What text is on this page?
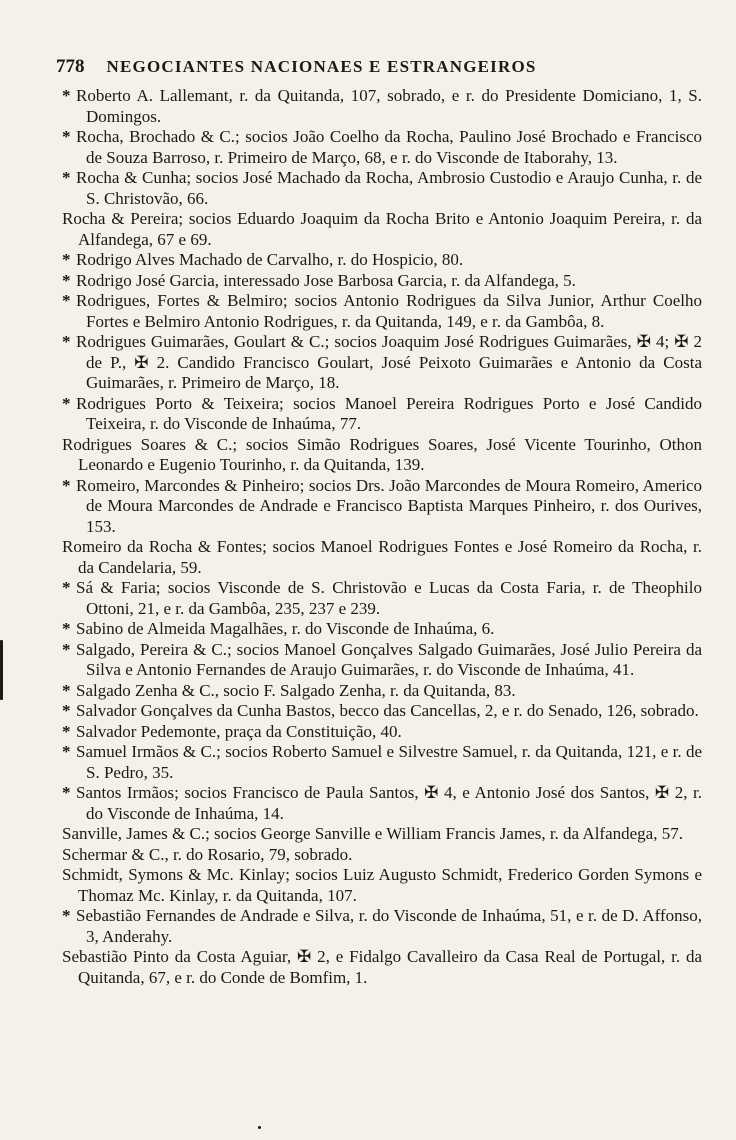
778 NEGOCIANTES NACIONAES E ESTRANGEIROS
* Roberto A. Lallemant, r. da Quitanda, 107, sobrado, e r. do Presidente Domiciano, 1, S. Domingos.
* Rocha, Brochado & C.; socios João Coelho da Rocha, Paulino José Brochado e Francisco de Souza Barroso, r. Primeiro de Março, 68, e r. do Visconde de Itaborahy, 13.
* Rocha & Cunha; socios José Machado da Rocha, Ambrosio Custodio e Araujo Cunha, r. de S. Christovão, 66.
Rocha & Pereira; socios Eduardo Joaquim da Rocha Brito e Antonio Joaquim Pereira, r. da Alfandega, 67 e 69.
* Rodrigo Alves Machado de Carvalho, r. do Hospicio, 80.
* Rodrigo José Garcia, interessado Jose Barbosa Garcia, r. da Alfandega, 5.
* Rodrigues, Fortes & Belmiro; socios Antonio Rodrigues da Silva Junior, Arthur Coelho Fortes e Belmiro Antonio Rodrigues, r. da Quitanda, 149, e r. da Gambôa, 8.
* Rodrigues Guimarães, Goulart & C.; socios Joaquim José Rodrigues Guimarães, ✠ 4; ✠ 2 de P., ✠ 2. Candido Francisco Goulart, José Peixoto Guimarães e Antonio da Costa Guimarães, r. Primeiro de Março, 18.
* Rodrigues Porto & Teixeira; socios Manoel Pereira Rodrigues Porto e José Candido Teixeira, r. do Visconde de Inhaúma, 77.
Rodrigues Soares & C.; socios Simão Rodrigues Soares, José Vicente Tourinho, Othon Leonardo e Eugenio Tourinho, r. da Quitanda, 139.
* Romeiro, Marcondes & Pinheiro; socios Drs. João Marcondes de Moura Romeiro, Americo de Moura Marcondes de Andrade e Francisco Baptista Marques Pinheiro, r. dos Ourives, 153.
Romeiro da Rocha & Fontes; socios Manoel Rodrigues Fontes e José Romeiro da Rocha, r. da Candelaria, 59.
* Sá & Faria; socios Visconde de S. Christovão e Lucas da Costa Faria, r. de Theophilo Ottoni, 21, e r. da Gambôa, 235, 237 e 239.
* Sabino de Almeida Magalhães, r. do Visconde de Inhaúma, 6.
* Salgado, Pereira & C.; socios Manoel Gonçalves Salgado Guimarães, José Julio Pereira da Silva e Antonio Fernandes de Araujo Guimarães, r. do Visconde de Inhaúma, 41.
* Salgado Zenha & C., socio F. Salgado Zenha, r. da Quitanda, 83.
* Salvador Gonçalves da Cunha Bastos, becco das Cancellas, 2, e r. do Senado, 126, sobrado.
* Salvador Pedemonte, praça da Constituição, 40.
* Samuel Irmãos & C.; socios Roberto Samuel e Silvestre Samuel, r. da Quitanda, 121, e r. de S. Pedro, 35.
* Santos Irmãos; socios Francisco de Paula Santos, ✠ 4, e Antonio José dos Santos, ✠ 2, r. do Visconde de Inhaúma, 14.
Sanville, James & C.; socios George Sanville e William Francis James, r. da Alfandega, 57.
Schermar & C., r. do Rosario, 79, sobrado.
Schmidt, Symons & Mc. Kinlay; socios Luiz Augusto Schmidt, Frederico Gorden Symons e Thomaz Mc. Kinlay, r. da Quitanda, 107.
* Sebastião Fernandes de Andrade e Silva, r. do Visconde de Inhaúma, 51, e r. de D. Affonso, 3, Anderahy.
Sebastião Pinto da Costa Aguiar, ✠ 2, e Fidalgo Cavalleiro da Casa Real de Portugal, r. da Quitanda, 67, e r. do Conde de Bomfim, 1.
